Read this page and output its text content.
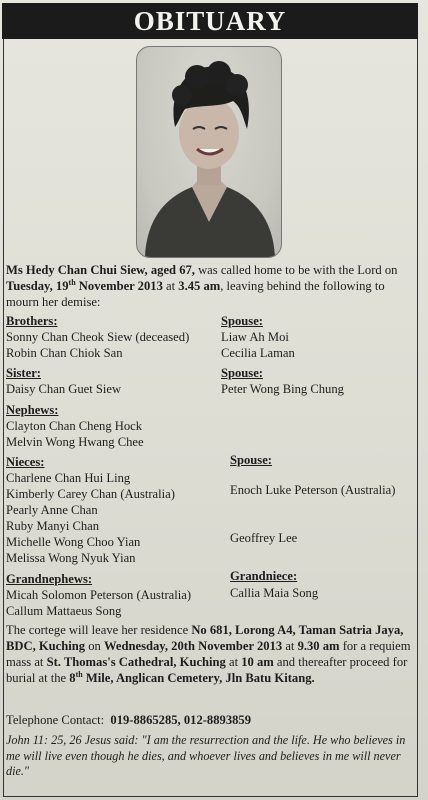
OBITUARY
Ms Hedy Chan Chui Siew, aged 67, was called home to be with the Lord on Tuesday, 19th November 2013 at 3.45 am, leaving behind the following to mourn her demise:
Brothers:
Sonny Chan Cheok Siew (deceased)
Robin Chan Chiok San
Spouse:
Liaw Ah Moi
Cecilia Laman
Sister:
Daisy Chan Guet Siew
Spouse:
Peter Wong Bing Chung
Nephews:
Clayton Chan Cheng Hock
Melvin Wong Hwang Chee
Nieces:
Charlene Chan Hui Ling
Kimberly Carey Chan (Australia)
Pearly Anne Chan
Ruby Manyi Chan
Michelle Wong Choo Yian
Melissa Wong Nyuk Yian
Spouse:
Enoch Luke Peterson (Australia)
Geoffrey Lee
Grandnephews:
Micah Solomon Peterson (Australia)
Callum Mattaeus Song
Grandniece:
Callia Maia Song
The cortege will leave her residence No 681, Lorong A4, Taman Satria Jaya, BDC, Kuching on Wednesday, 20th November 2013 at 9.30 am for a requiem mass at St. Thomas's Cathedral, Kuching at 10 am and thereafter proceed for burial at the 8th Mile, Anglican Cemetery, Jln Batu Kitang.
Telephone Contact: 019-8865285, 012-8893859
John 11: 25, 26 Jesus said: "I am the resurrection and the life. He who believes in me will live even though he dies, and whoever lives and believes in me will never die."
